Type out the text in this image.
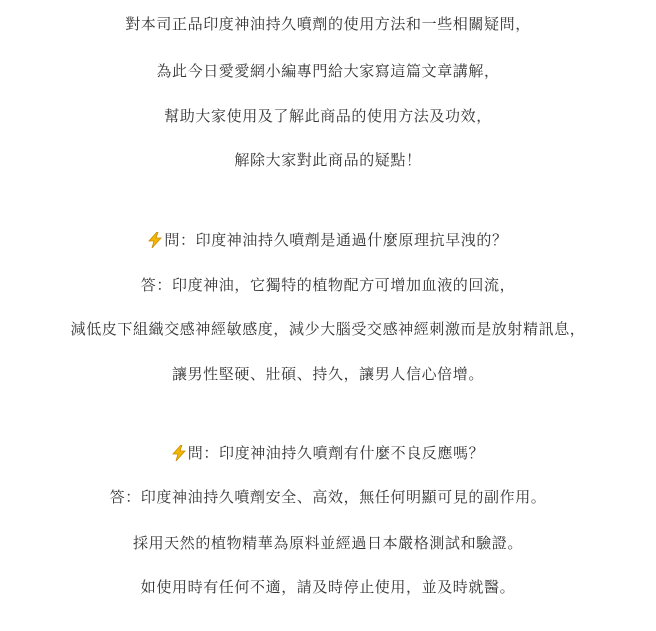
對本司正品印度神油持久噴劑的使用方法和一些相關疑問，
為此今日愛愛網小編專門給大家寫這篇文章講解，
幫助大家使用及了解此商品的使用方法及功效，
解除大家對此商品的疑點！
問：印度神油持久噴劑是通過什麼原理抗早洩的？
答：印度神油，它獨特的植物配方可增加血液的回流，
減低皮下組織交感神經敏感度，減少大腦受交感神經刺激而是放射精訊息，
讓男性堅硬、壯碩、持久，讓男人信心倍增。
問：印度神油持久噴劑有什麼不良反應嗎？
答：印度神油持久噴劑安全、高效，無任何明顯可見的副作用。
採用天然的植物精華為原料並經過日本嚴格測試和驗證。
如使用時有任何不適，請及時停止使用，並及時就醫。
